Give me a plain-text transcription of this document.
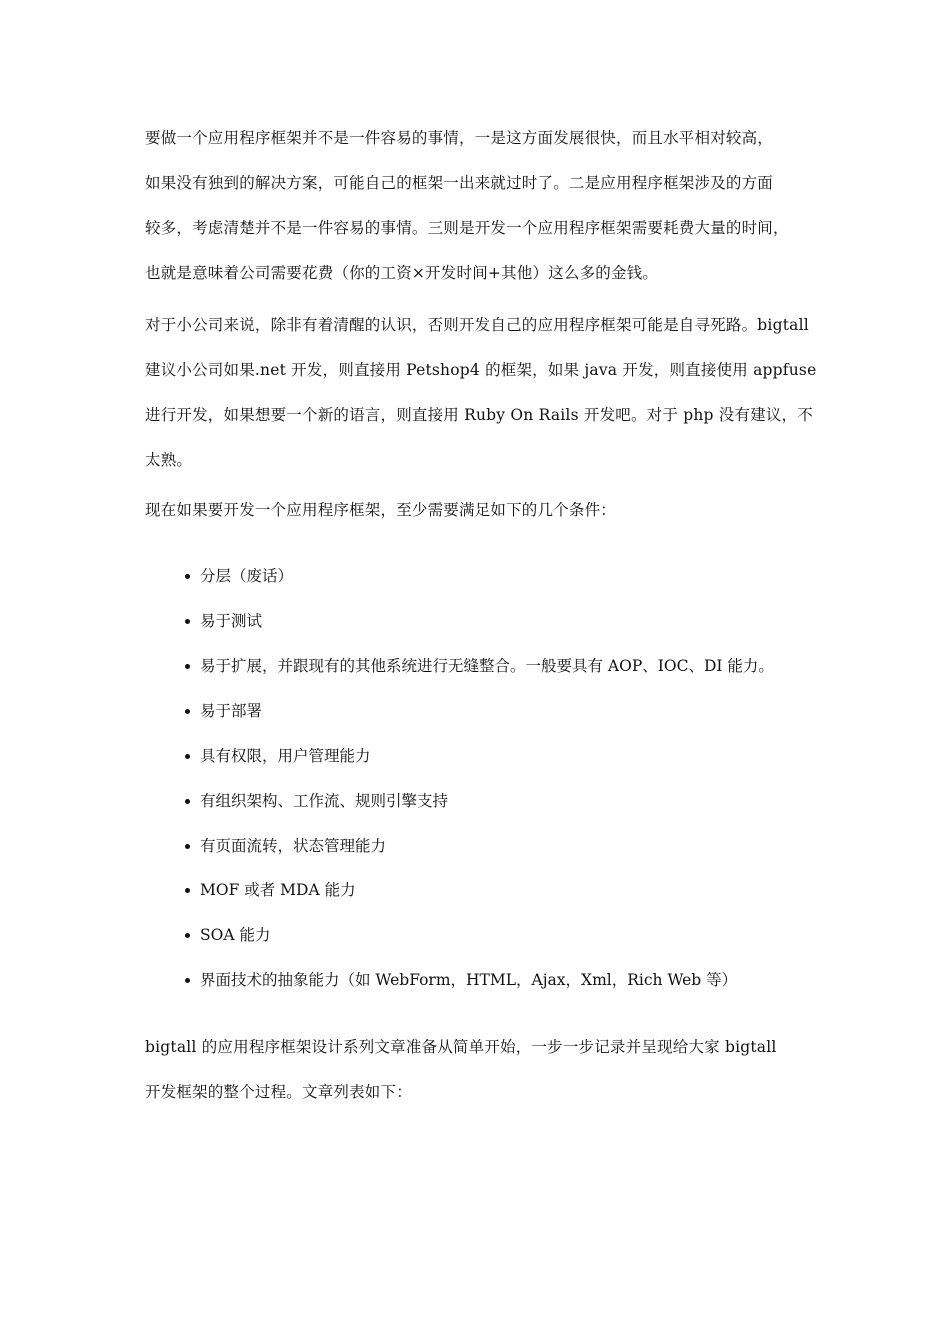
要做一个应用程序框架并不是一件容易的事情，一是这方面发展很快，而且水平相对较高，
如果没有独到的解决方案，可能自己的框架一出来就过时了。二是应用程序框架涉及的方面
较多，考虑清楚并不是一件容易的事情。三则是开发一个应用程序框架需要耗费大量的时间，
也就是意味着公司需要花费（你的工资×开发时间+其他）这么多的金钱。
对于小公司来说，除非有着清醒的认识，否则开发自己的应用程序框架可能是自寻死路。bigtall
建议小公司如果.net 开发，则直接用 Petshop4 的框架，如果 java 开发，则直接使用 appfuse
进行开发，如果想要一个新的语言，则直接用 Ruby On Rails 开发吧。对于 php 没有建议，不
太熟。
现在如果要开发一个应用程序框架，至少需要满足如下的几个条件：
分层（废话）
易于测试
易于扩展，并跟现有的其他系统进行无缝整合。一般要具有 AOP、IOC、DI 能力。
易于部署
具有权限，用户管理能力
有组织架构、工作流、规则引擎支持
有页面流转，状态管理能力
MOF 或者 MDA 能力
SOA 能力
界面技术的抽象能力（如 WebForm，HTML，Ajax，Xml，Rich Web 等）
bigtall 的应用程序框架设计系列文章准备从简单开始，一步一步记录并呈现给大家 bigtall
开发框架的整个过程。文章列表如下：
